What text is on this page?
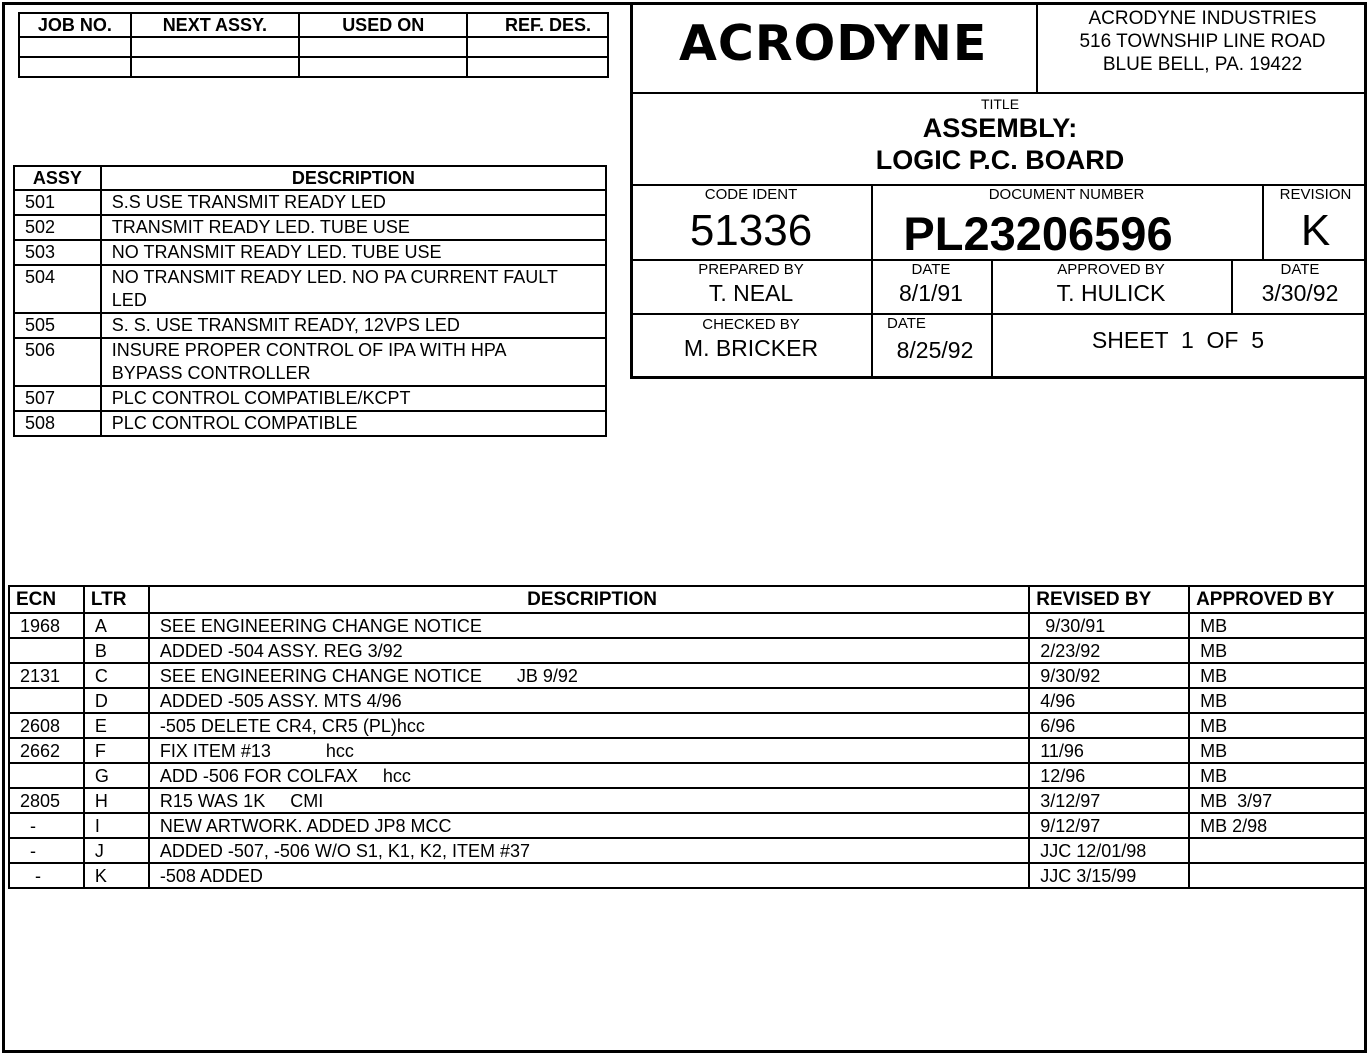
JOB NO.	NEXT ASSY.	USED ON	REF. DES.

ASSY	DESCRIPTION
501	S.S USE TRANSMIT READY LED
502	TRANSMIT READY LED. TUBE USE
503	NO TRANSMIT READY LED. TUBE USE
504	NO TRANSMIT READY LED. NO PA CURRENT FAULT LED
505	S. S. USE TRANSMIT READY, 12VPS LED
506	INSURE PROPER CONTROL OF IPA WITH HPA BYPASS CONTROLLER
507	PLC CONTROL COMPATIBLE/KCPT
508	PLC CONTROL COMPATIBLE
ACRODYNE	ACRODYNE INDUSTRIES
516 TOWNSHIP LINE ROAD
BLUE BELL, PA. 19422
TITLE
ASSEMBLY:
LOGIC P.C. BOARD
CODE IDENT
51336
DOCUMENT NUMBER
PL23206596
REVISION
K
PREPARED BY
T. NEAL
DATE
8/1/91
APPROVED BY
T. HULICK
DATE
3/30/92
CHECKED BY
M. BRICKER
DATE
8/25/92	SHEET  1  OF  5
ECN	LTR	DESCRIPTION	REVISED BY	APPROVED BY
1968	A	SEE ENGINEERING CHANGE NOTICE	9/30/91	MB
	B	ADDED -504 ASSY. REG 3/92	2/23/92	MB
2131	C	SEE ENGINEERING CHANGE NOTICE       JB 9/92	9/30/92	MB
	D	ADDED -505 ASSY. MTS 4/96	4/96	MB
2608	E	-505 DELETE CR4, CR5 (PL)hcc	6/96	MB
2662	F	FIX ITEM #13           hcc	11/96	MB
	G	ADD -506 FOR COLFAX     hcc	12/96	MB
2805	H	R15 WAS 1K     CMI	3/12/97	MB  3/97
-	I	NEW ARTWORK. ADDED JP8 MCC	9/12/97	MB 2/98
-	J	ADDED -507, -506 W/O S1, K1, K2, ITEM #37	JJC 12/01/98	
-	K	-508 ADDED	JJC 3/15/99	
